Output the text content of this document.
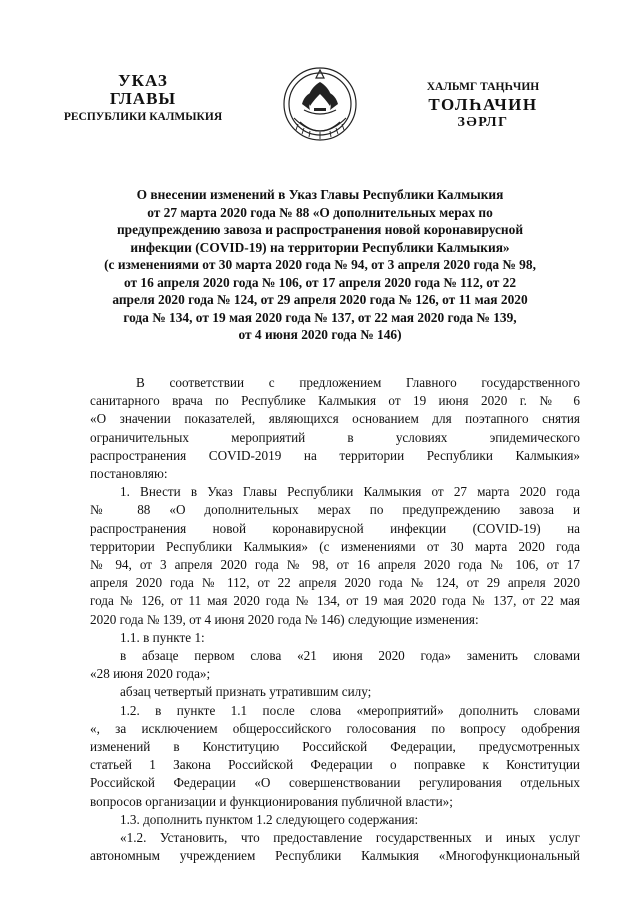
УКАЗ
ГЛАВЫ
РЕСПУБЛИКИ КАЛМЫКИЯ
ХАЛЬМГ ТАҢҺЧИН
ТОЛҺАЧИН
ЗӘРЛГ
О внесении изменений в Указ Главы Республики Калмыкия
от 27 марта 2020 года № 88 «О дополнительных мерах по
предупреждению завоза и распространения новой коронавирусной
инфекции (COVID-19) на территории Республики Калмыкия»
(с изменениями от 30 марта 2020 года № 94, от 3 апреля 2020 года № 98,
от 16 апреля 2020 года № 106, от 17 апреля 2020 года № 112, от 22
апреля 2020 года № 124, от 29 апреля 2020 года № 126, от 11 мая 2020
года № 134, от 19 мая 2020 года № 137, от 22 мая 2020 года № 139,
от 4 июня 2020 года № 146)
В соответствии с предложением Главного государственного
санитарного врача по Республике Калмыкия от 19 июня 2020 г. № 6
«О значении показателей, являющихся основанием для поэтапного снятия
ограничительных мероприятий в условиях эпидемического
распространения COVID-2019 на территории Республики Калмыкия»
постановляю:
1. Внести в Указ Главы Республики Калмыкия от 27 марта 2020 года
№ 88 «О дополнительных мерах по предупреждению завоза и
распространения новой коронавирусной инфекции (COVID-19) на
территории Республики Калмыкия» (с изменениями от 30 марта 2020 года
№ 94, от 3 апреля 2020 года № 98, от 16 апреля 2020 года № 106, от 17
апреля 2020 года № 112, от 22 апреля 2020 года № 124, от 29 апреля 2020
года № 126, от 11 мая 2020 года № 134, от 19 мая 2020 года № 137, от 22 мая
2020 года № 139, от 4 июня 2020 года № 146) следующие изменения:
1.1. в пункте 1:
в абзаце первом слова «21 июня 2020 года» заменить словами
«28 июня 2020 года»;
абзац четвертый признать утратившим силу;
1.2. в пункте 1.1 после слова «мероприятий» дополнить словами
«, за исключением общероссийского голосования по вопросу одобрения
изменений в Конституцию Российской Федерации, предусмотренных
статьей 1 Закона Российской Федерации о поправке к Конституции
Российской Федерации «О совершенствовании регулирования отдельных
вопросов организации и функционирования публичной власти»;
1.3. дополнить пунктом 1.2 следующего содержания:
«1.2. Установить, что предоставление государственных и иных услуг
автономным учреждением Республики Калмыкия «Многофункциональный
